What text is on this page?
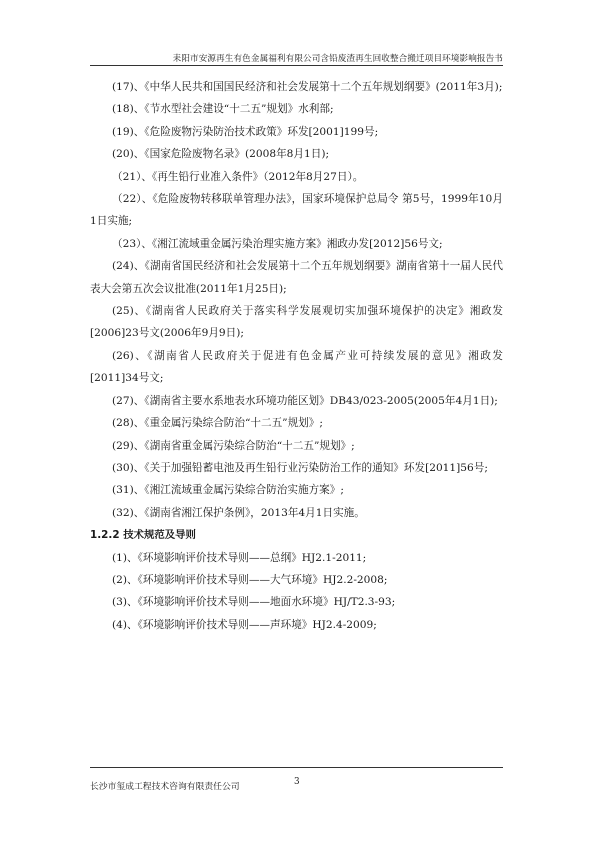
耒阳市安源再生有色金属福利有限公司含铅废渣再生回收整合搬迁项目环境影响报告书

(17)、《中华人民共和国国民经济和社会发展第十二个五年规划纲要》(2011年3月);

(18)、《节水型社会建设“十二五”规划》水利部;

(19)、《危险废物污染防治技术政策》环发[2001]199号;

(20)、《国家危险废物名录》(2008年8月1日);

（21）、《再生铅行业准入条件》（2012年8月27日）。

（22）、《危险废物转移联单管理办法》，国家环境保护总局令 第5号，1999年10月1日实施;

（23）、《湘江流域重金属污染治理实施方案》湘政办发[2012]56号文;

(24)、《湖南省国民经济和社会发展第十二个五年规划纲要》湖南省第十一届人民代表大会第五次会议批准(2011年1月25日);

(25)、《湖南省人民政府关于落实科学发展观切实加强环境保护的决定》湘政发[2006]23号文(2006年9月9日);

(26)、《湖南省人民政府关于促进有色金属产业可持续发展的意见》湘政发[2011]34号文;

(27)、《湖南省主要水系地表水环境功能区划》DB43/023-2005(2005年4月1日);

(28)、《重金属污染综合防治“十二五”规划》;

(29)、《湖南省重金属污染综合防治“十二五”规划》;

(30)、《关于加强铅蓄电池及再生铅行业污染防治工作的通知》环发[2011]56号;

(31)、《湘江流域重金属污染综合防治实施方案》;

(32)、《湖南省湘江保护条例》，2013年4月1日实施。

1.2.2 技术规范及导则

(1)、《环境影响评价技术导则——总纲》HJ2.1-2011;

(2)、《环境影响评价技术导则——大气环境》HJ2.2-2008;

(3)、《环境影响评价技术导则——地面水环境》HJ/T2.3-93;

(4)、《环境影响评价技术导则——声环境》HJ2.4-2009;

长沙市玺成工程技术咨询有限责任公司	3
